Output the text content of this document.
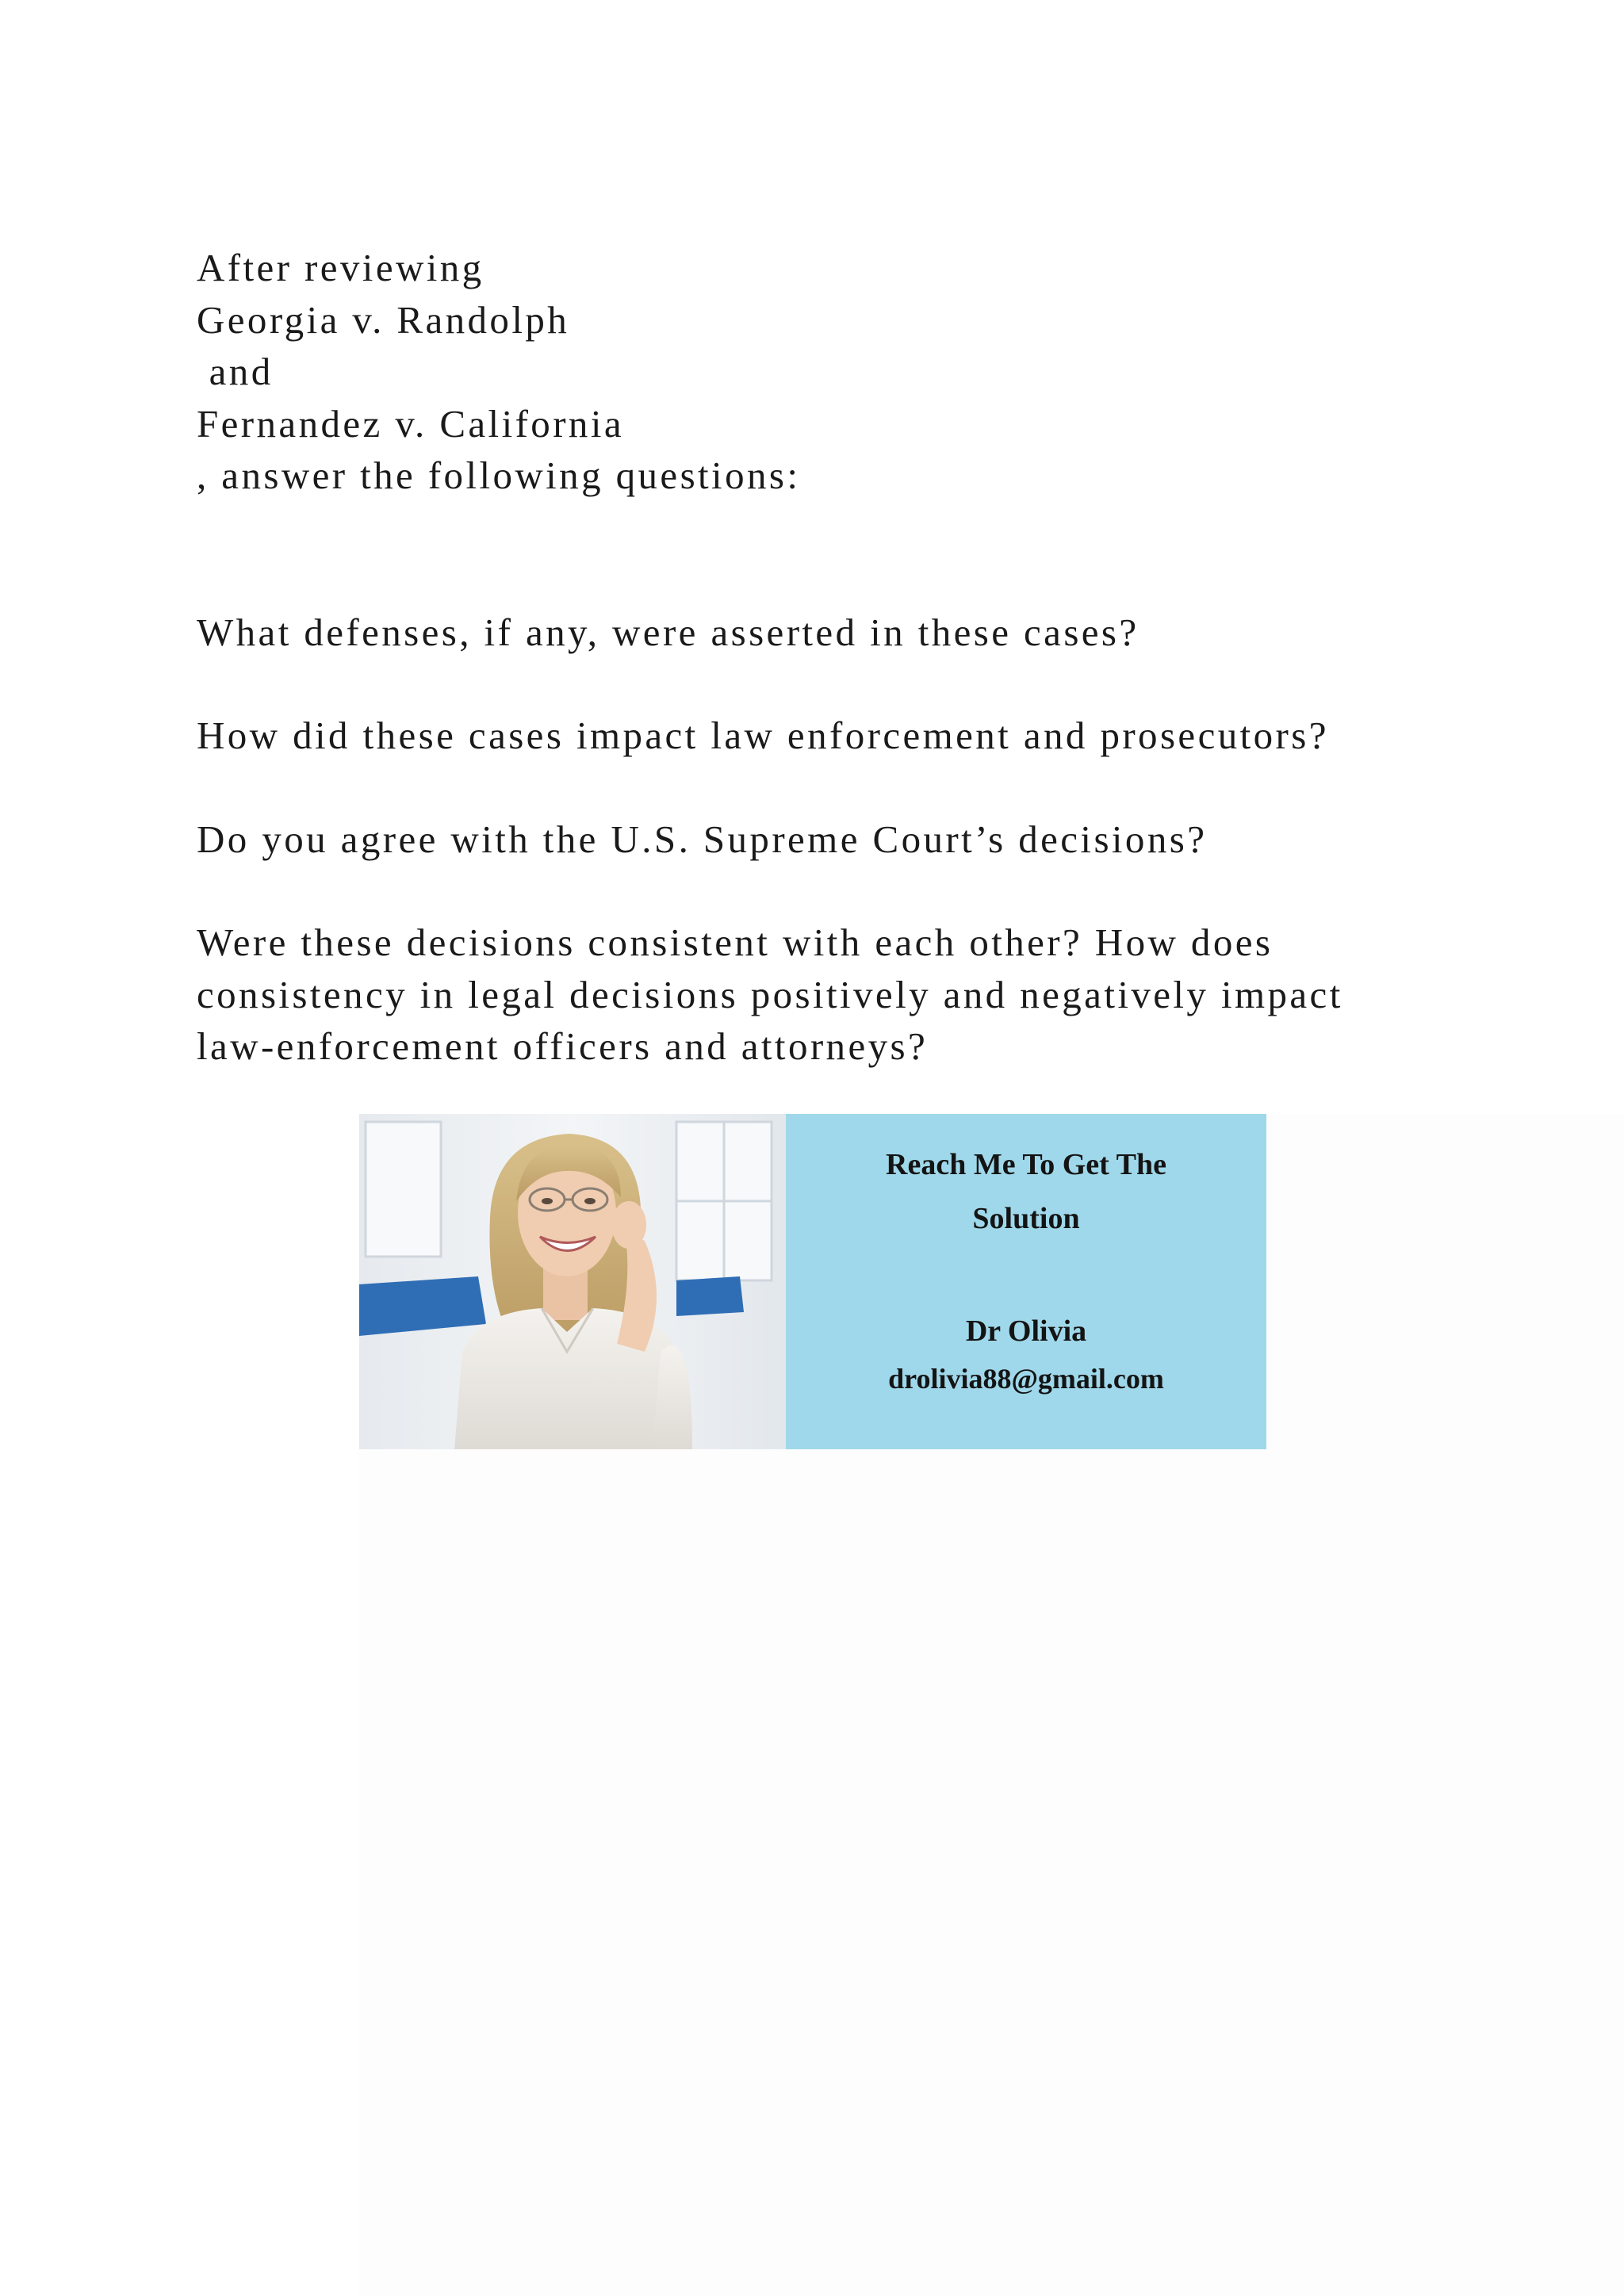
After reviewing
Georgia v. Randolph
and
Fernandez v. California
, answer the following questions:
What defenses, if any, were asserted in these cases?
How did these cases impact law enforcement and prosecutors?
Do you agree with the U.S. Supreme Court’s decisions?
Were these decisions consistent with each other? How does
consistency in legal decisions positively and negatively impact
law-enforcement officers and attorneys?
Reach Me To Get The
Solution
Dr Olivia
drolivia88@gmail.com
